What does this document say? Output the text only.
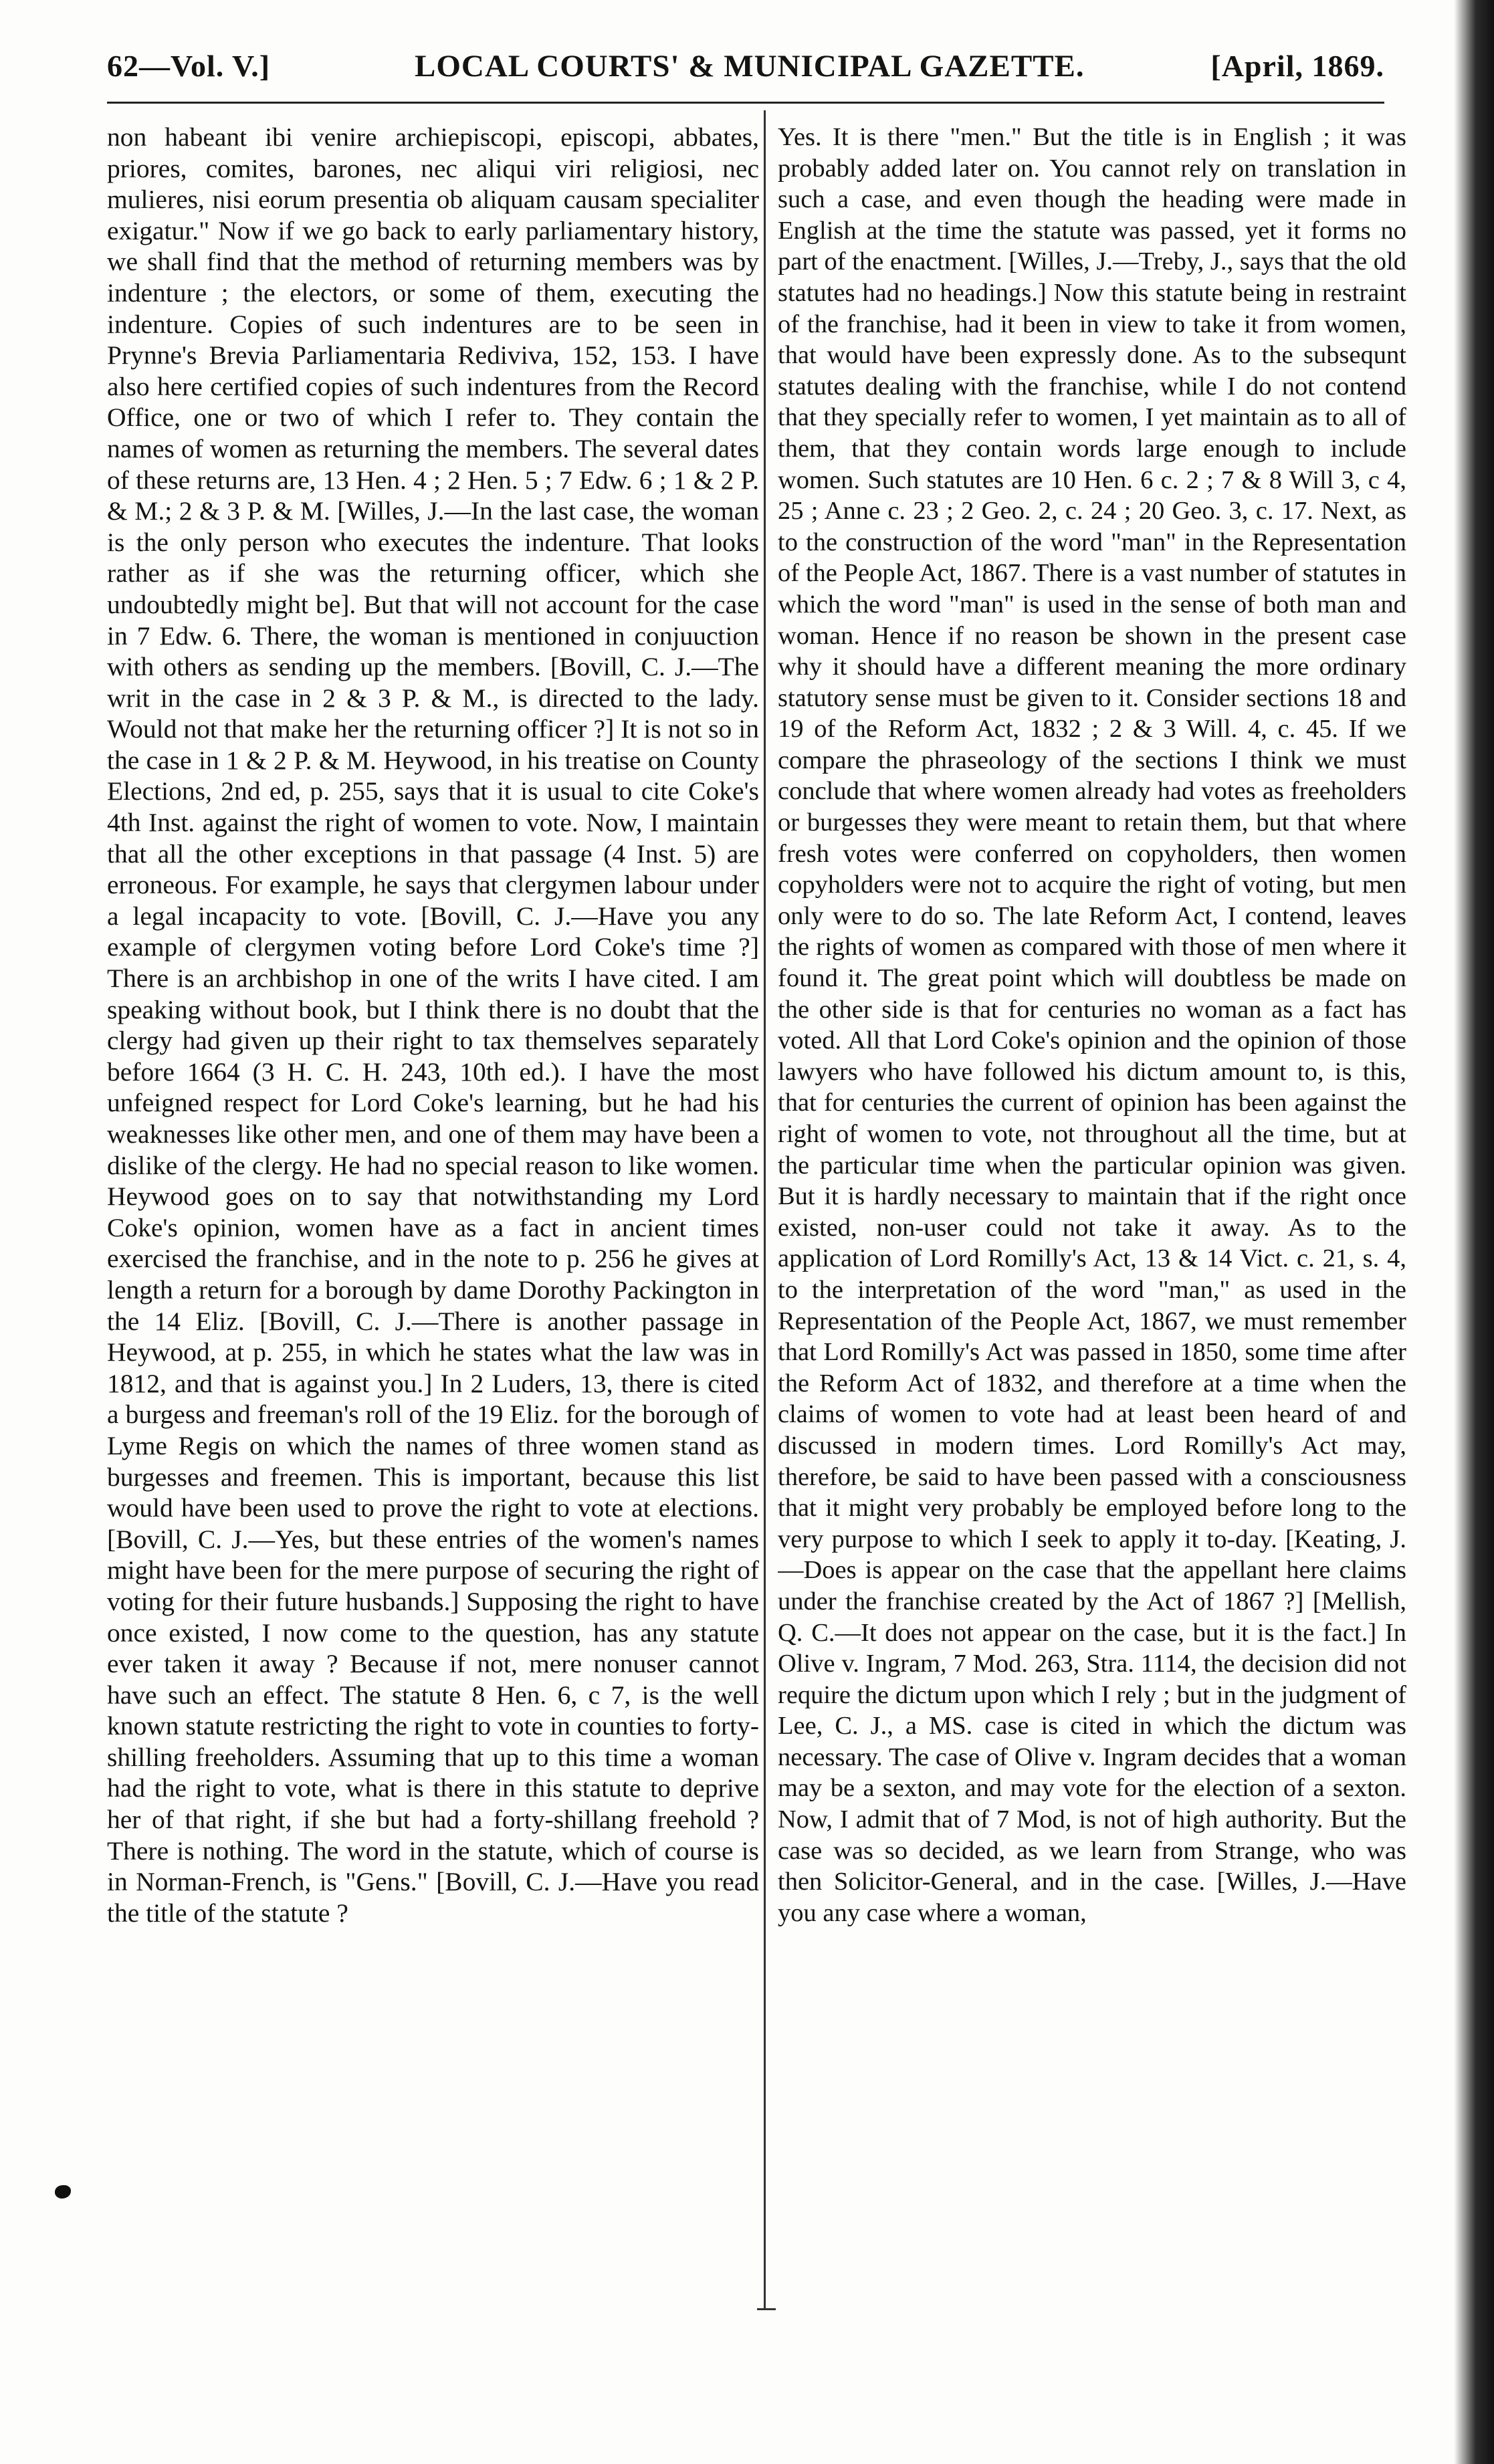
62—Vol. V.]	LOCAL COURTS' & MUNICIPAL GAZETTE.	[April, 1869.

non habeant ibi venire archiepiscopi, episcopi, abbates, priores, comites, barones, nec aliqui viri religiosi, nec mulieres, nisi eorum presentia ob aliquam causam specialiter exigatur." Now if we go back to early parliamentary history, we shall find that the method of returning members was by indenture ; the electors, or some of them, executing the indenture. Copies of such indentures are to be seen in Prynne's Brevia Parliamentaria Rediviva, 152, 153. I have also here certified copies of such indentures from the Record Office, one or two of which I refer to. They contain the names of women as returning the members. The several dates of these returns are, 13 Hen. 4 ; 2 Hen. 5 ; 7 Edw. 6 ; 1 & 2 P. & M.; 2 & 3 P. & M. [Willes, J.—In the last case, the woman is the only person who executes the indenture. That looks rather as if she was the returning officer, which she undoubtedly might be]. But that will not account for the case in 7 Edw. 6. There, the woman is mentioned in conjuuction with others as sending up the members. [Bovill, C. J.—The writ in the case in 2 & 3 P. & M., is directed to the lady. Would not that make her the returning officer ?] It is not so in the case in 1 & 2 P. & M. Heywood, in his treatise on County Elections, 2nd ed, p. 255, says that it is usual to cite Coke's 4th Inst. against the right of women to vote. Now, I maintain that all the other exceptions in that passage (4 Inst. 5) are erroneous. For example, he says that clergymen labour under a legal incapacity to vote. [Bovill, C. J.—Have you any example of clergymen voting before Lord Coke's time ?] There is an archbishop in one of the writs I have cited. I am speaking without book, but I think there is no doubt that the clergy had given up their right to tax themselves separately before 1664 (3 H. C. H. 243, 10th ed.). I have the most unfeigned respect for Lord Coke's learning, but he had his weaknesses like other men, and one of them may have been a dislike of the clergy. He had no special reason to like women. Heywood goes on to say that notwithstanding my Lord Coke's opinion, women have as a fact in ancient times exercised the franchise, and in the note to p. 256 he gives at length a return for a borough by dame Dorothy Packington in the 14 Eliz. [Bovill, C. J.—There is another passage in Heywood, at p. 255, in which he states what the law was in 1812, and that is against you.] In 2 Luders, 13, there is cited a burgess and freeman's roll of the 19 Eliz. for the borough of Lyme Regis on which the names of three women stand as burgesses and freemen. This is important, because this list would have been used to prove the right to vote at elections. [Bovill, C. J.—Yes, but these entries of the women's names might have been for the mere purpose of securing the right of voting for their future husbands.] Supposing the right to have once existed, I now come to the question, has any statute ever taken it away ? Because if not, mere nonuser cannot have such an effect. The statute 8 Hen. 6, c 7, is the well known statute restricting the right to vote in counties to forty-shilling freeholders. Assuming that up to this time a woman had the right to vote, what is there in this statute to deprive her of that right, if she but had a forty-shillang freehold ? There is nothing. The word in the statute, which of course is in Norman-French, is "Gens." [Bovill, C. J.—Have you read the title of the statute ?

Yes. It is there "men." But the title is in English ; it was probably added later on. You cannot rely on translation in such a case, and even though the heading were made in English at the time the statute was passed, yet it forms no part of the enactment. [Willes, J.—Treby, J., says that the old statutes had no headings.] Now this statute being in restraint of the franchise, had it been in view to take it from women, that would have been expressly done. As to the subsequnt statutes dealing with the franchise, while I do not contend that they specially refer to women, I yet maintain as to all of them, that they contain words large enough to include women. Such statutes are 10 Hen. 6 c. 2 ; 7 & 8 Will 3, c 4, 25 ; Anne c. 23 ; 2 Geo. 2, c. 24 ; 20 Geo. 3, c. 17. Next, as to the construction of the word "man" in the Representation of the People Act, 1867. There is a vast number of statutes in which the word "man" is used in the sense of both man and woman. Hence if no reason be shown in the present case why it should have a different meaning the more ordinary statutory sense must be given to it. Consider sections 18 and 19 of the Reform Act, 1832 ; 2 & 3 Will. 4, c. 45. If we compare the phraseology of the sections I think we must conclude that where women already had votes as freeholders or burgesses they were meant to retain them, but that where fresh votes were conferred on copyholders, then women copyholders were not to acquire the right of voting, but men only were to do so. The late Reform Act, I contend, leaves the rights of women as compared with those of men where it found it. The great point which will doubtless be made on the other side is that for centuries no woman as a fact has voted. All that Lord Coke's opinion and the opinion of those lawyers who have followed his dictum amount to, is this, that for centuries the current of opinion has been against the right of women to vote, not throughout all the time, but at the particular time when the particular opinion was given. But it is hardly necessary to maintain that if the right once existed, non-user could not take it away. As to the application of Lord Romilly's Act, 13 & 14 Vict. c. 21, s. 4, to the interpretation of the word "man," as used in the Representation of the People Act, 1867, we must remember that Lord Romilly's Act was passed in 1850, some time after the Reform Act of 1832, and therefore at a time when the claims of women to vote had at least been heard of and discussed in modern times. Lord Romilly's Act may, therefore, be said to have been passed with a consciousness that it might very probably be employed before long to the very purpose to which I seek to apply it to-day. [Keating, J.—Does is appear on the case that the appellant here claims under the franchise created by the Act of 1867 ?] [Mellish, Q. C.—It does not appear on the case, but it is the fact.] In Olive v. Ingram, 7 Mod. 263, Stra. 1114, the decision did not require the dictum upon which I rely ; but in the judgment of Lee, C. J., a MS. case is cited in which the dictum was necessary. The case of Olive v. Ingram decides that a woman may be a sexton, and may vote for the election of a sexton. Now, I admit that of 7 Mod, is not of high authority. But the case was so decided, as we learn from Strange, who was then Solicitor-General, and in the case. [Willes, J.—Have you any case where a woman,
